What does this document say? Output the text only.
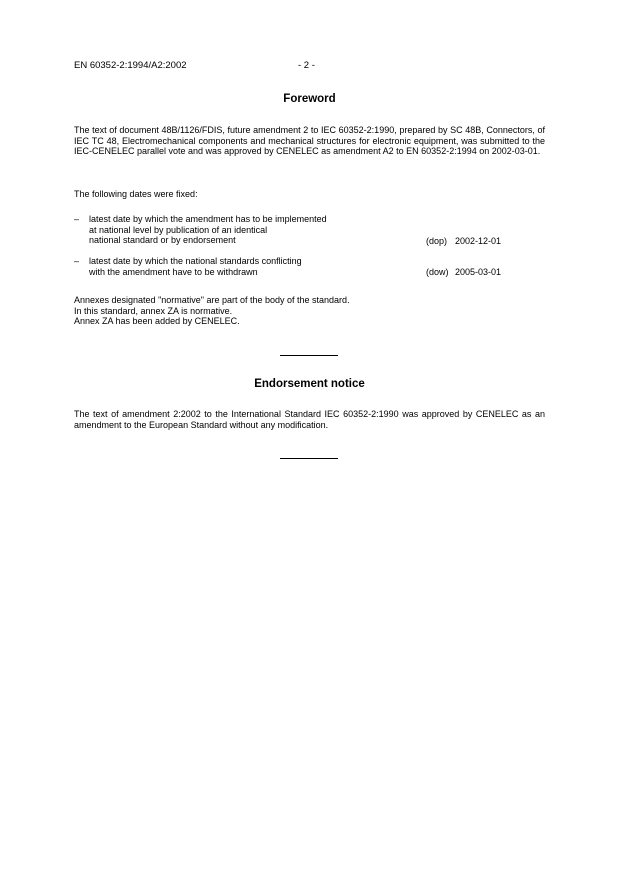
EN 60352-2:1994/A2:2002	- 2 -
Foreword

The text of document 48B/1126/FDIS, future amendment 2 to IEC 60352-2:1990, prepared by SC 48B, Connectors, of IEC TC 48, Electromechanical components and mechanical structures for electronic equipment, was submitted to the IEC-CENELEC parallel vote and was approved by CENELEC as amendment A2 to EN 60352-2:1994 on 2002-03-01.

The following dates were fixed:

– latest date by which the amendment has to be implemented
at national level by publication of an identical
national standard or by endorsement	(dop) 2002-12-01
– latest date by which the national standards conflicting
with the amendment have to be withdrawn	(dow) 2005-03-01
Annexes designated "normative" are part of the body of the standard.
In this standard, annex ZA is normative.
Annex ZA has been added by CENELEC.
Endorsement notice

The text of amendment 2:2002 to the International Standard IEC 60352-2:1990 was approved by CENELEC as an amendment to the European Standard without any modification.
